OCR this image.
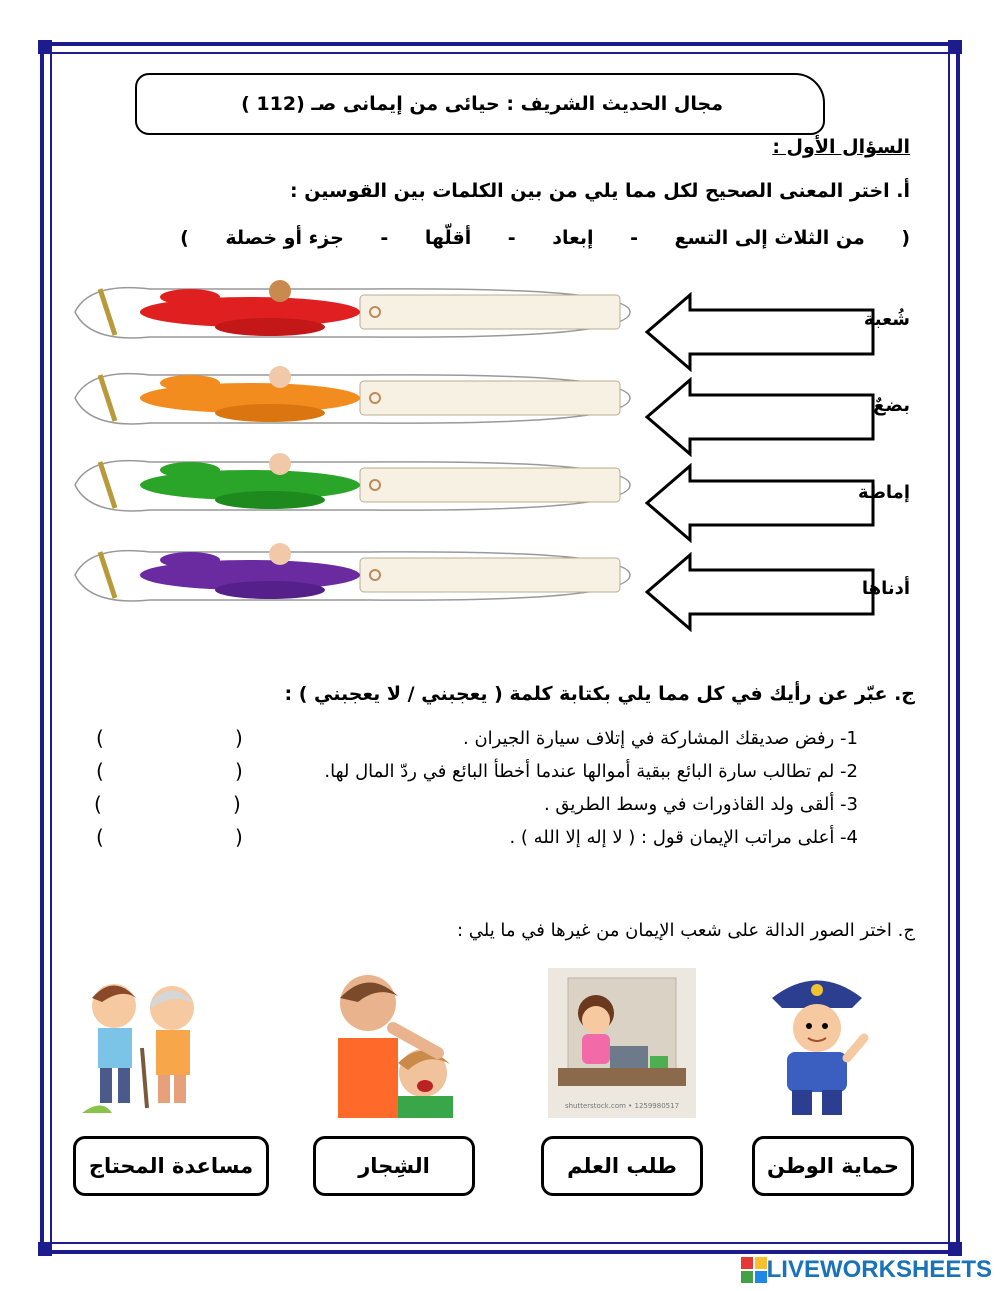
مجال الحديث الشريف : حيائى من إيمانى صـ (112 )
السؤال الأول :
أ. اختر المعنى الصحيح لكل مما يلي من بين الكلمات بين القوسين :
(
من الثلاث إلى التسع
-
إبعاد
-
أقلّها
-
جزء أو خصلة
)
شُعبة
بضعٌ
إماطة
أدناها
ج. عبّر عن رأيك في كل مما يلي بكتابة كلمة ( يعجبني / لا يعجبني ) :
1- رفض صديقك المشاركة في إتلاف سيارة الجيران .
)
(
2- لم تطالب سارة البائع ببقية أموالها عندما أخطأ البائع في ردّ المال لها.
)
(
3- ألقى ولد القاذورات في وسط الطريق .
)
(
4- أعلى مراتب الإيمان قول : ( لا إله إلا الله ) .
)
(
ج. اختر الصور الدالة على شعب الإيمان من غيرها في ما يلي :
shutterstock.com • 1259980517
حماية الوطن
طلب العلم
الشِجار
مساعدة المحتاج
LIVEWORKSHEETS
